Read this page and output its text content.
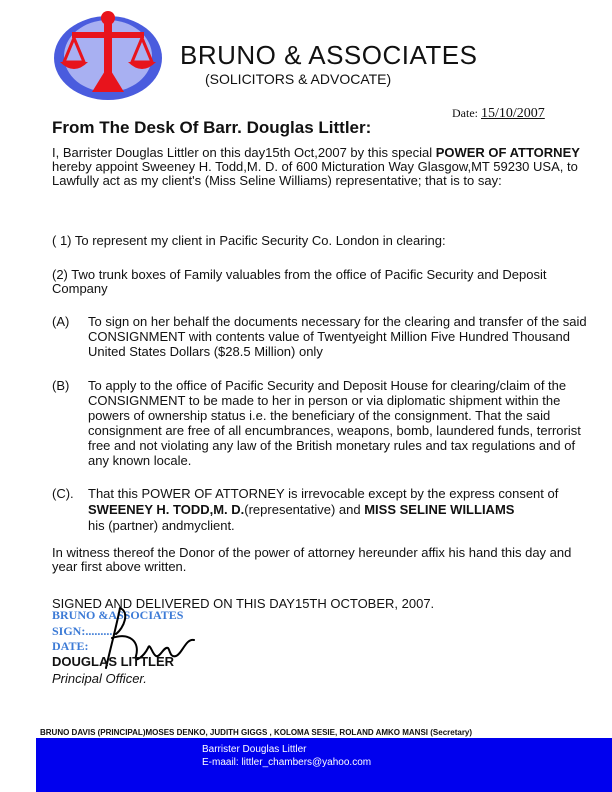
BRUNO & ASSOCIATES
(SOLICITORS & ADVOCATE)
Date: 15/10/2007
From The Desk Of Barr. Douglas Littler:
I, Barrister Douglas Littler on this day15th Oct,2007 by this special POWER OF ATTORNEY hereby appoint Sweeney H. Todd,M. D. of 600 Micturation Way Glasgow,MT 59230 USA, to Lawfully act as my client's (Miss Seline Williams) representative; that is to say:
( 1) To represent my client in Pacific Security Co. London in clearing:
(2) Two trunk boxes of Family valuables from the office of Pacific Security and Deposit Company
(A) To sign on her behalf the documents necessary for the clearing and transfer of the said CONSIGNMENT with contents value of Twentyeight Million Five Hundred Thousand United States Dollars ($28.5 Million) only
(B) To apply to the office of Pacific Security and Deposit House for clearing/claim of the CONSIGNMENT to be made to her in person or via diplomatic shipment within the powers of ownership status i.e. the beneficiary of the consignment. That the said consignment are free of all encumbrances, weapons, bomb, laundered funds, terrorist free and not violating any law of the British monetary rules and tax regulations and of any known locale.
(C). That this POWER OF ATTORNEY is irrevocable except by the express consent of SWEENEY H. TODD,M. D.(representative) and MISS SELINE WILLIAMS
his (partner) andmyclient.
In witness thereof the Donor of the power of attorney hereunder affix his hand this day and year first above written.
SIGNED AND DELIVERED ON THIS DAY15TH OCTOBER, 2007.
BRUNO &ASSOCIATES
SIGN:..........
DATE:
DOUGLAS LITTLER
Principal Officer.
BRUNO DAVIS (PRINCIPAL)MOSES DENKO, JUDITH GIGGS , KOLOMA SESIE, ROLAND AMKO MANSI (Secretary)
Barrister Douglas Littler
E-maail: littler_chambers@yahoo.com
